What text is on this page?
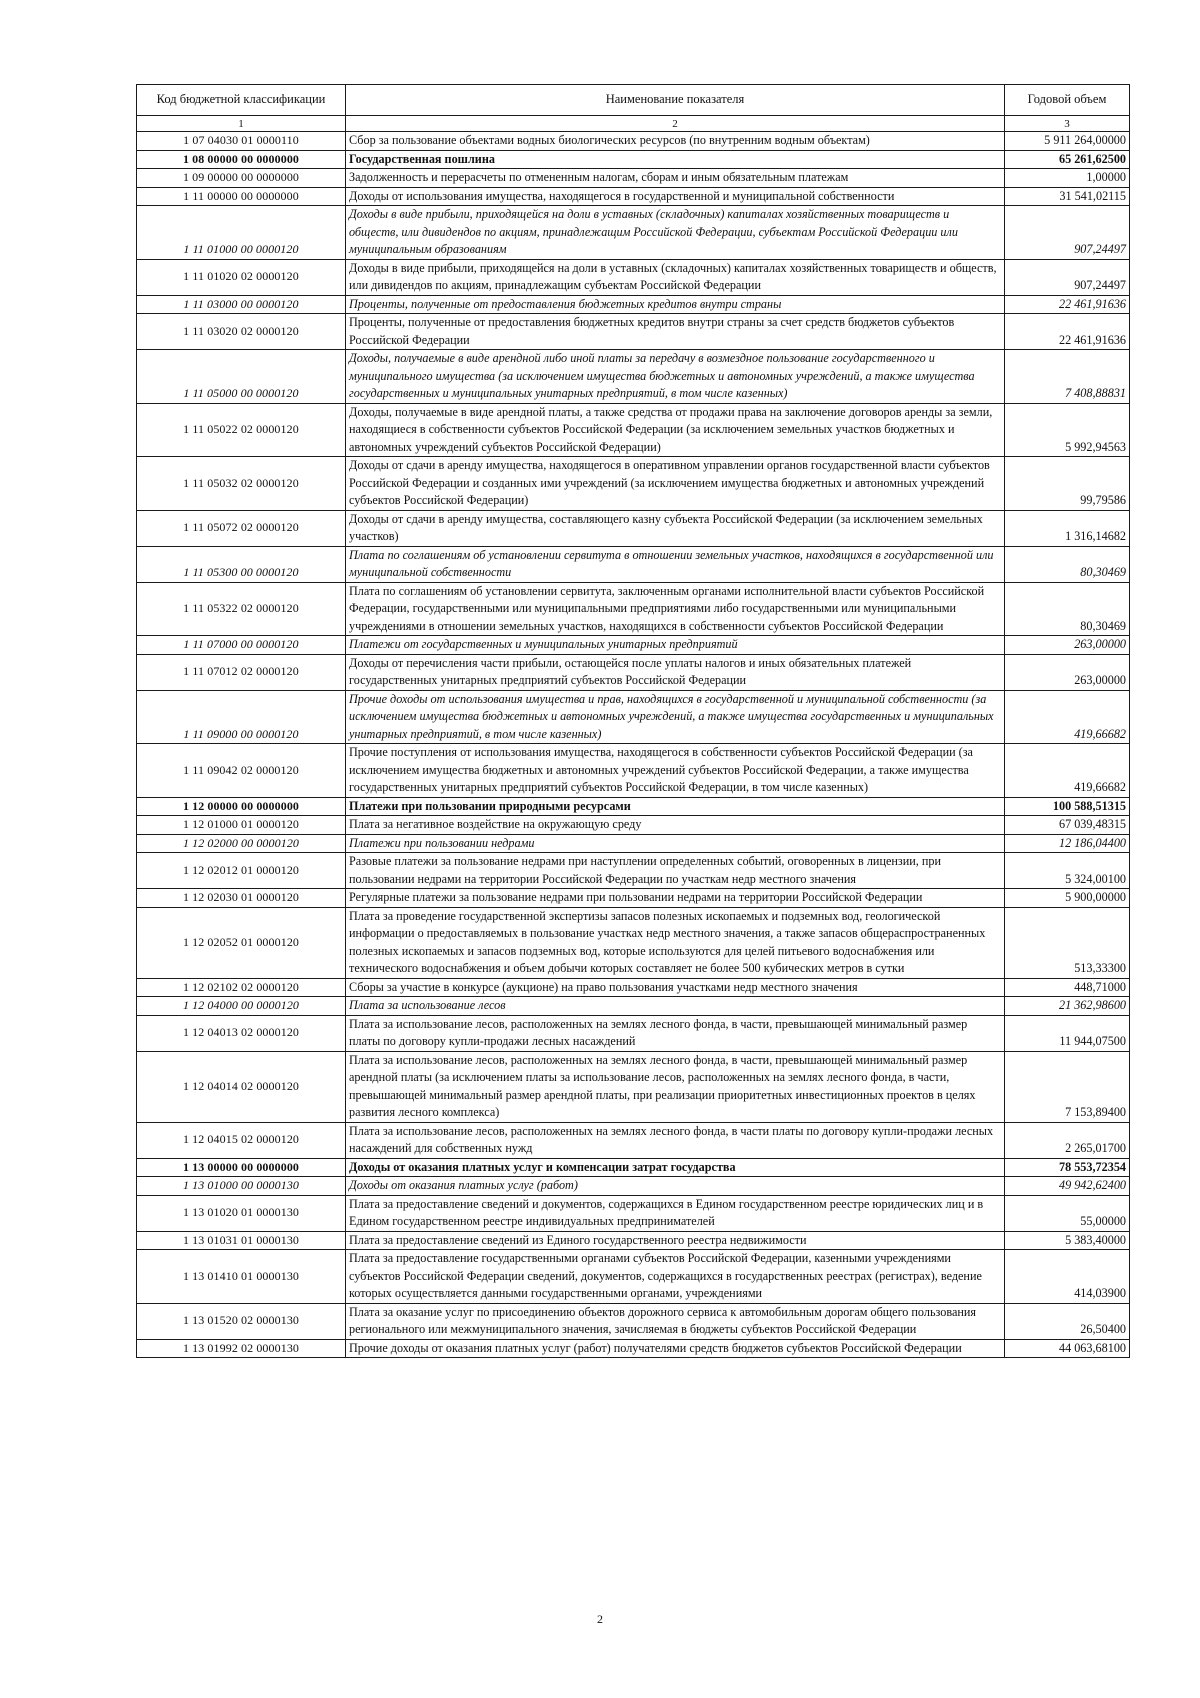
Код бюджетной классификации	Наименование показателя	Годовой объем
1	2	3
1 07 04030 01 0000110	Сбор за пользование объектами водных биологических ресурсов (по внутренним водным объектам)	5 911 264,00000
1 08 00000 00 0000000	Государственная пошлина	65 261,62500
1 09 00000 00 0000000	Задолженность и перерасчеты по отмененным налогам, сборам и иным обязательным платежам	1,00000
1 11 00000 00 0000000	Доходы от использования имущества, находящегося в государственной и муниципальной собственности	31 541,02115
1 11 01000 00 0000120	Доходы в виде прибыли, приходящейся на доли в уставных (складочных) капиталах хозяйственных товариществ и обществ, или дивидендов по акциям, принадлежащим Российской Федерации, субъектам Российской Федерации или муниципальным образованиям	907,24497
1 11 01020 02 0000120	Доходы в виде прибыли, приходящейся на доли в уставных (складочных) капиталах хозяйственных товариществ и обществ, или дивидендов по акциям, принадлежащим субъектам Российской Федерации	907,24497
1 11 03000 00 0000120	Проценты, полученные от предоставления бюджетных кредитов внутри страны	22 461,91636
1 11 03020 02 0000120	Проценты, полученные от предоставления бюджетных кредитов внутри страны за счет средств бюджетов субъектов Российской Федерации	22 461,91636
1 11 05000 00 0000120	Доходы, получаемые в виде арендной либо иной платы за передачу в возмездное пользование государственного и муниципального имущества (за исключением имущества бюджетных и автономных учреждений, а также имущества государственных и муниципальных унитарных предприятий, в том числе казенных)	7 408,88831
1 11 05022 02 0000120	Доходы, получаемые в виде арендной платы, а также средства от продажи права на заключение договоров аренды за земли, находящиеся в собственности субъектов Российской Федерации (за исключением земельных участков бюджетных и автономных учреждений субъектов Российской Федерации)	5 992,94563
1 11 05032 02 0000120	Доходы от сдачи в аренду имущества, находящегося в оперативном управлении органов государственной власти субъектов Российской Федерации и созданных ими учреждений (за исключением имущества бюджетных и автономных учреждений субъектов Российской Федерации)	99,79586
1 11 05072 02 0000120	Доходы от сдачи в аренду имущества, составляющего казну субъекта Российской Федерации (за исключением земельных участков)	1 316,14682
1 11 05300 00 0000120	Плата по соглашениям об установлении сервитута в отношении земельных участков, находящихся в государственной или муниципальной собственности	80,30469
1 11 05322 02 0000120	Плата по соглашениям об установлении сервитута, заключенным органами исполнительной власти субъектов Российской Федерации, государственными или муниципальными предприятиями либо государственными или муниципальными учреждениями в отношении земельных участков, находящихся в собственности субъектов Российской Федерации	80,30469
1 11 07000 00 0000120	Платежи от государственных и муниципальных унитарных предприятий	263,00000
1 11 07012 02 0000120	Доходы от перечисления части прибыли, остающейся после уплаты налогов и иных обязательных платежей государственных унитарных предприятий субъектов Российской Федерации	263,00000
1 11 09000 00 0000120	Прочие доходы от использования имущества и прав, находящихся в государственной и муниципальной собственности (за исключением имущества бюджетных и автономных учреждений, а также имущества государственных и муниципальных унитарных предприятий, в том числе казенных)	419,66682
1 11 09042 02 0000120	Прочие поступления от использования имущества, находящегося в собственности субъектов Российской Федерации (за исключением имущества бюджетных и автономных учреждений субъектов Российской Федерации, а также имущества государственных унитарных предприятий субъектов Российской Федерации, в том числе казенных)	419,66682
1 12 00000 00 0000000	Платежи при пользовании природными ресурсами	100 588,51315
1 12 01000 01 0000120	Плата за негативное воздействие на окружающую среду	67 039,48315
1 12 02000 00 0000120	Платежи при пользовании недрами	12 186,04400
1 12 02012 01 0000120	Разовые платежи за пользование недрами при наступлении определенных событий, оговоренных в лицензии, при пользовании недрами на территории Российской Федерации по участкам недр местного значения	5 324,00100
1 12 02030 01 0000120	Регулярные платежи за пользование недрами при пользовании недрами на территории Российской Федерации	5 900,00000
1 12 02052 01 0000120	Плата за проведение государственной экспертизы запасов полезных ископаемых и подземных вод, геологической информации о предоставляемых в пользование участках недр местного значения, а также запасов общераспространенных полезных ископаемых и запасов подземных вод, которые используются для целей питьевого водоснабжения или технического водоснабжения и объем добычи которых составляет не более 500 кубических метров в сутки	513,33300
1 12 02102 02 0000120	Сборы за участие в конкурсе (аукционе) на право пользования участками недр местного значения	448,71000
1 12 04000 00 0000120	Плата за использование лесов	21 362,98600
1 12 04013 02 0000120	Плата за использование лесов, расположенных на землях лесного фонда, в части, превышающей минимальный размер платы по договору купли-продажи лесных насаждений	11 944,07500
1 12 04014 02 0000120	Плата за использование лесов, расположенных на землях лесного фонда, в части, превышающей минимальный размер арендной платы (за исключением платы за использование лесов, расположенных на землях лесного фонда, в части, превышающей минимальный размер арендной платы, при реализации приоритетных инвестиционных проектов в целях развития лесного комплекса)	7 153,89400
1 12 04015 02 0000120	Плата за использование лесов, расположенных на землях лесного фонда, в части платы по договору купли-продажи лесных насаждений для собственных нужд	2 265,01700
1 13 00000 00 0000000	Доходы от оказания платных услуг и компенсации затрат государства	78 553,72354
1 13 01000 00 0000130	Доходы от оказания платных услуг (работ)	49 942,62400
1 13 01020 01 0000130	Плата за предоставление сведений и документов, содержащихся в Едином государственном реестре юридических лиц и в Едином государственном реестре индивидуальных предпринимателей	55,00000
1 13 01031 01 0000130	Плата за предоставление сведений из Единого государственного реестра недвижимости	5 383,40000
1 13 01410 01 0000130	Плата за предоставление государственными органами субъектов Российской Федерации, казенными учреждениями субъектов Российской Федерации сведений, документов, содержащихся в государственных реестрах (регистрах), ведение которых осуществляется данными государственными органами, учреждениями	414,03900
1 13 01520 02 0000130	Плата за оказание услуг по присоединению объектов дорожного сервиса к автомобильным дорогам общего пользования регионального или межмуниципального значения, зачисляемая в бюджеты субъектов Российской Федерации	26,50400
1 13 01992 02 0000130	Прочие доходы от оказания платных услуг (работ) получателями средств бюджетов субъектов Российской Федерации	44 063,68100
2
